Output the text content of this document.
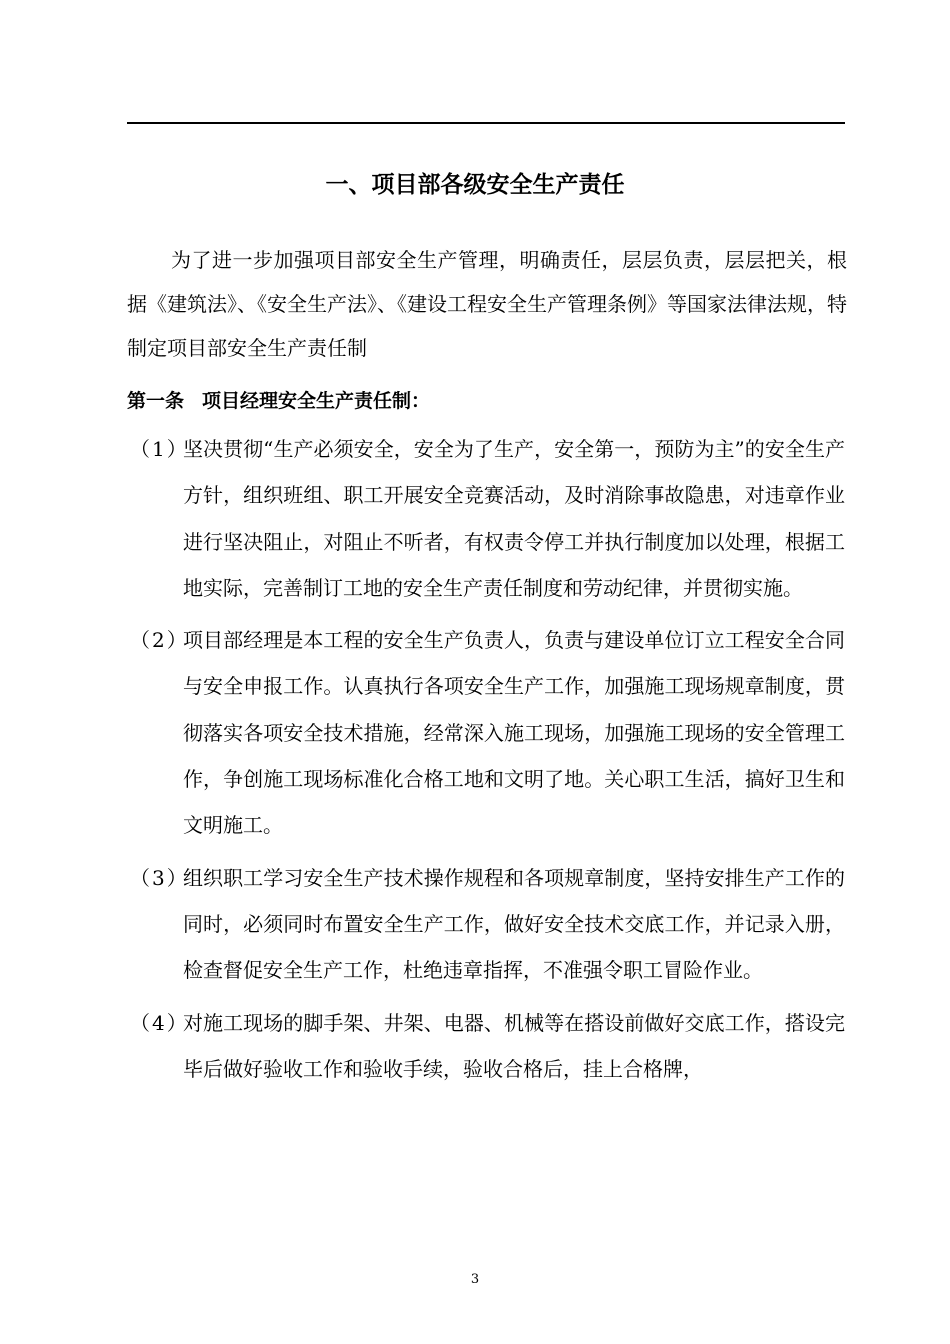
一、项目部各级安全生产责任

为了进一步加强项目部安全生产管理，明确责任，层层负责，层层把关，根据《建筑法》、《安全生产法》、《建设工程安全生产管理条例》等国家法律法规，特制定项目部安全生产责任制

第一条 项目经理安全生产责任制：

（1）
坚决贯彻“生产必须安全，安全为了生产，安全第一，预防为主”的安全生产方针，组织班组、职工开展安全竞赛活动，及时消除事故隐患，对违章作业进行坚决阻止，对阻止不听者，有权责令停工并执行制度加以处理，根据工地实际，完善制订工地的安全生产责任制度和劳动纪律，并贯彻实施。

（2）
项目部经理是本工程的安全生产负责人，负责与建设单位订立工程安全合同与安全申报工作。认真执行各项安全生产工作，加强施工现场规章制度，贯彻落实各项安全技术措施，经常深入施工现场，加强施工现场的安全管理工作，争创施工现场标准化合格工地和文明了地。关心职工生活，搞好卫生和文明施工。

（3）
组织职工学习安全生产技术操作规程和各项规章制度，坚持安排生产工作的同时，必须同时布置安全生产工作，做好安全技术交底工作，并记录入册，检查督促安全生产工作，杜绝违章指挥，不准强令职工冒险作业。

（4）
对施工现场的脚手架、井架、电器、机械等在搭设前做好交底工作，搭设完毕后做好验收工作和验收手续，验收合格后，挂上合格牌，

3
